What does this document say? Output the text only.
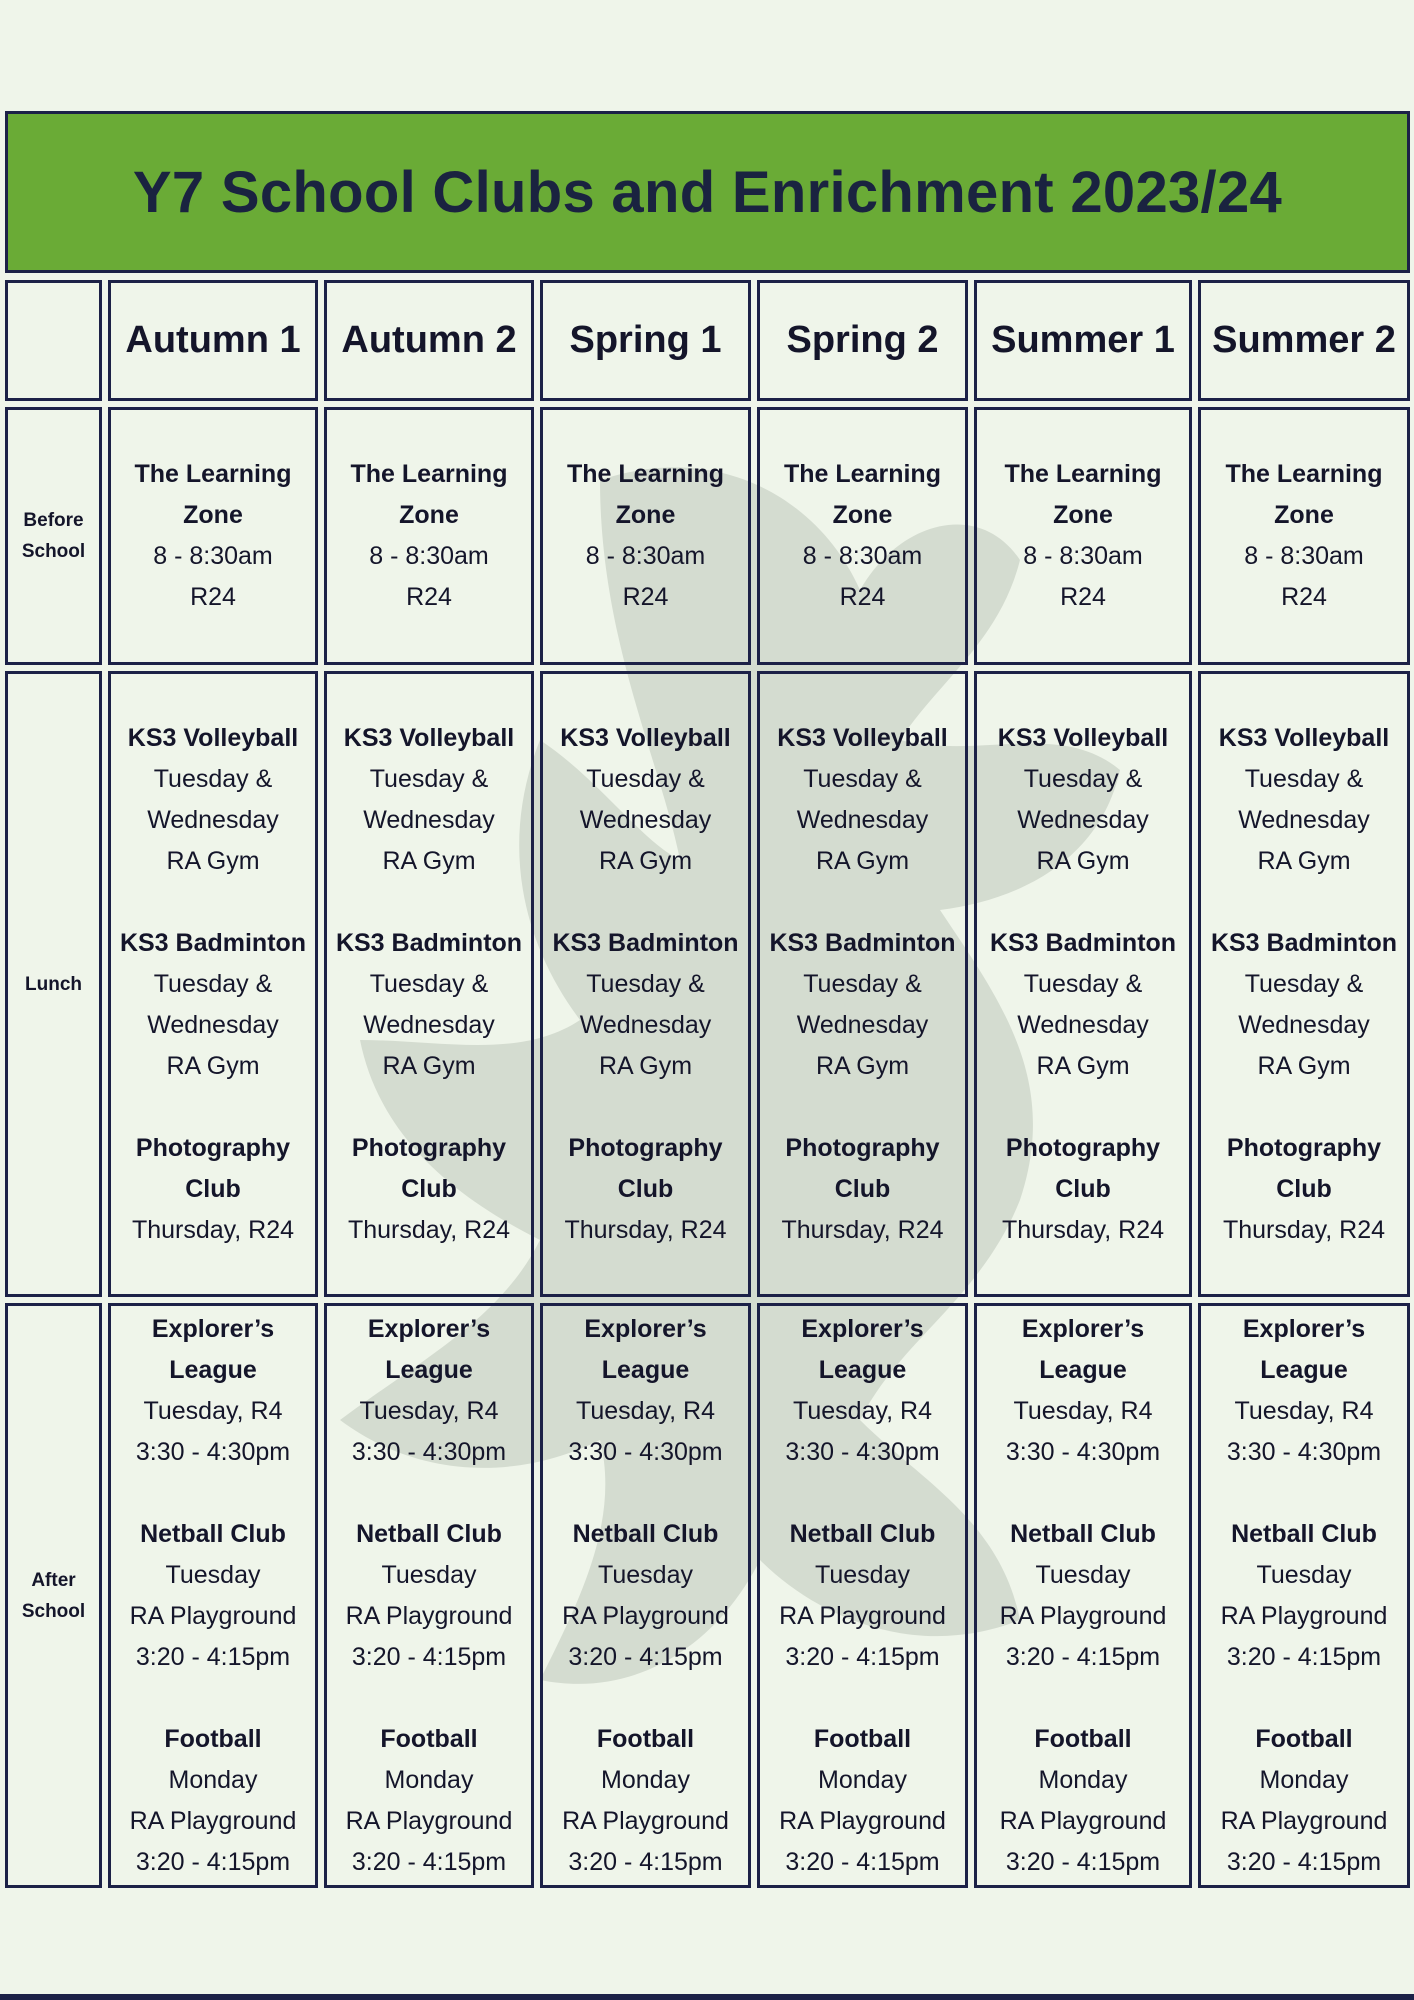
Y7 School Clubs and Enrichment 2023/24
Autumn 1 Autumn 2 Spring 1 Spring 2 Summer 1 Summer 2
Before
School
The Learning
Zone
8 - 8:30am
R24
The Learning
Zone
8 - 8:30am
R24
The Learning
Zone
8 - 8:30am
R24
The Learning
Zone
8 - 8:30am
R24
The Learning
Zone
8 - 8:30am
R24
The Learning
Zone
8 - 8:30am
R24
Lunch
KS3 Volleyball
Tuesday &
Wednesday
RA Gym
KS3 Badminton
Tuesday &
Wednesday
RA Gym
Photography
Club
Thursday, R24
KS3 Volleyball
Tuesday &
Wednesday
RA Gym
KS3 Badminton
Tuesday &
Wednesday
RA Gym
Photography
Club
Thursday, R24
KS3 Volleyball
Tuesday &
Wednesday
RA Gym
KS3 Badminton
Tuesday &
Wednesday
RA Gym
Photography
Club
Thursday, R24
KS3 Volleyball
Tuesday &
Wednesday
RA Gym
KS3 Badminton
Tuesday &
Wednesday
RA Gym
Photography
Club
Thursday, R24
KS3 Volleyball
Tuesday &
Wednesday
RA Gym
KS3 Badminton
Tuesday &
Wednesday
RA Gym
Photography
Club
Thursday, R24
KS3 Volleyball
Tuesday &
Wednesday
RA Gym
KS3 Badminton
Tuesday &
Wednesday
RA Gym
Photography
Club
Thursday, R24
After
School
Explorer’s
League
Tuesday, R4
3:30 - 4:30pm
Netball Club
Tuesday
RA Playground
3:20 - 4:15pm
Football
Monday
RA Playground
3:20 - 4:15pm
Explorer’s
League
Tuesday, R4
3:30 - 4:30pm
Netball Club
Tuesday
RA Playground
3:20 - 4:15pm
Football
Monday
RA Playground
3:20 - 4:15pm
Explorer’s
League
Tuesday, R4
3:30 - 4:30pm
Netball Club
Tuesday
RA Playground
3:20 - 4:15pm
Football
Monday
RA Playground
3:20 - 4:15pm
Explorer’s
League
Tuesday, R4
3:30 - 4:30pm
Netball Club
Tuesday
RA Playground
3:20 - 4:15pm
Football
Monday
RA Playground
3:20 - 4:15pm
Explorer’s
League
Tuesday, R4
3:30 - 4:30pm
Netball Club
Tuesday
RA Playground
3:20 - 4:15pm
Football
Monday
RA Playground
3:20 - 4:15pm
Explorer’s
League
Tuesday, R4
3:30 - 4:30pm
Netball Club
Tuesday
RA Playground
3:20 - 4:15pm
Football
Monday
RA Playground
3:20 - 4:15pm
